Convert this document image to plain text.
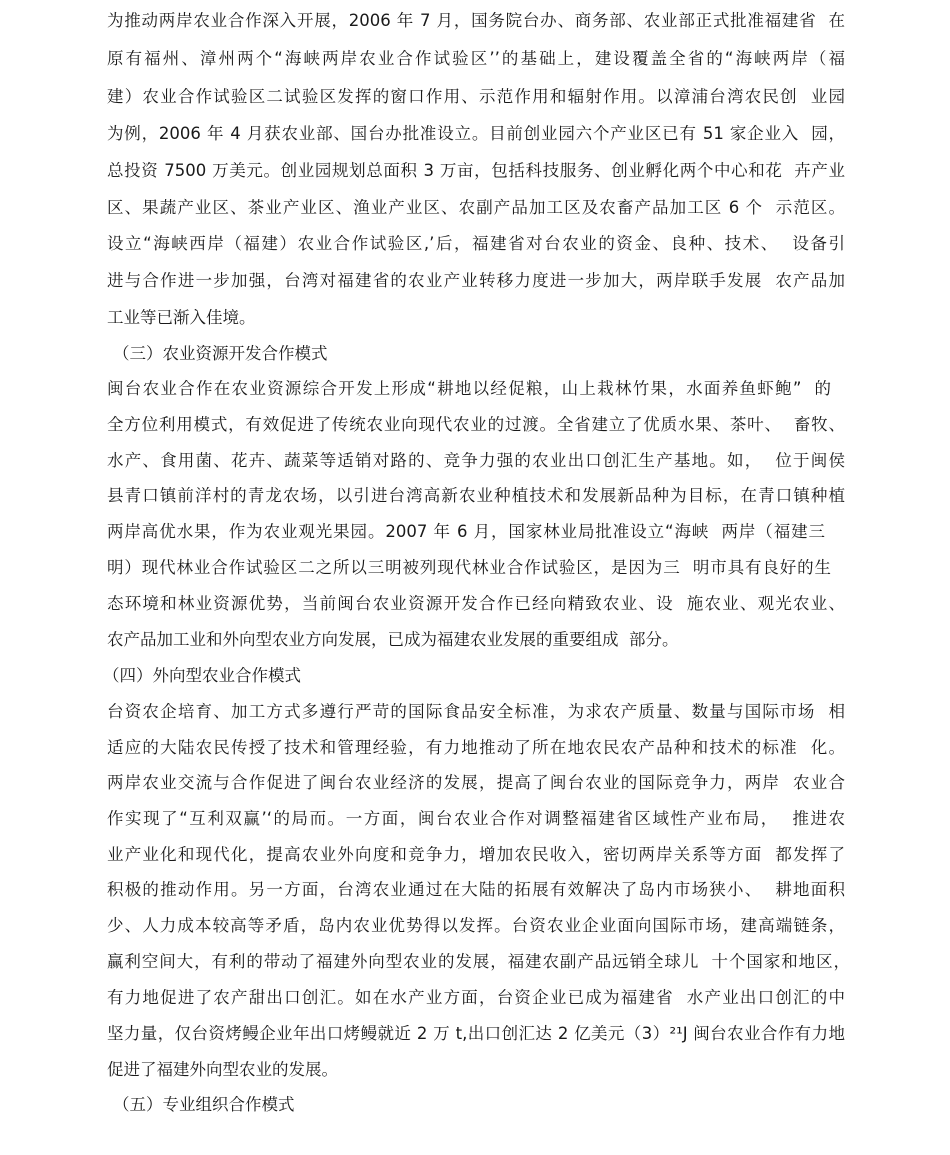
为推动两岸农业合作深入开展，2006 年 7 月，国务院台办、商务部、农业部正式批准福建省  在

原有福州、漳州两个“海峡两岸农业合作试验区’’的基础上，建设覆盖全省的“海峡两岸（福

建）农业合作试验区二试验区发挥的窗口作用、示范作用和辐射作用。以漳浦台湾农民创  业园

为例，2006 年 4 月获农业部、国台办批准设立。目前创业园六个产业区已有 51 家企业入  园，

总投资 7500 万美元。创业园规划总面积 3 万亩，包括科技服务、创业孵化两个中心和花  卉产业

区、果蔬产业区、茶业产业区、渔业产业区、农副产品加工区及农畜产品加工区 6 个  示范区。

设立“海峡西岸（福建）农业合作试验区,’后，福建省对台农业的资金、良种、技术、  设备引

进与合作进一步加强，台湾对福建省的农业产业转移力度进一步加大，两岸联手发展  农产品加

工业等已渐入佳境。

（三）农业资源开发合作模式

闽台农业合作在农业资源综合开发上形成“耕地以经促粮，山上栽林竹果，水面养鱼虾鲍”  的

全方位利用模式，有效促进了传统农业向现代农业的过渡。全省建立了优质水果、茶叶、  畜牧、

水产、食用菌、花卉、蔬菜等适销对路的、竞争力强的农业出口创汇生产基地。如，  位于闽侯

县青口镇前洋村的青龙农场，以引进台湾高新农业种植技术和发展新品种为目标，在青口镇种植

两岸高优水果，作为农业观光果园。2007 年 6 月，国家林业局批准设立“海峡  两岸（福建三

明）现代林业合作试验区二之所以三明被列现代林业合作试验区，是因为三  明市具有良好的生

态环境和林业资源优势，当前闽台农业资源开发合作已经向精致农业、设  施农业、观光农业、

农产品加工业和外向型农业方向发展，已成为福建农业发展的重要组成  部分。

（四）外向型农业合作模式

台资农企培育、加工方式多遵行严苛的国际食品安全标准，为求农产质量、数量与国际市场  相

适应的大陆农民传授了技术和管理经验，有力地推动了所在地农民农产品种和技术的标准  化。

两岸农业交流与合作促进了闽台农业经济的发展，提高了闽台农业的国际竞争力，两岸  农业合

作实现了“互利双赢’‘的局而。一方面，闽台农业合作对调整福建省区域性产业布局，  推进农

业产业化和现代化，提高农业外向度和竞争力，增加农民收入，密切两岸关系等方面  都发挥了

积极的推动作用。另一方面，台湾农业通过在大陆的拓展有效解决了岛内市场狭小、  耕地面积

少、人力成本较高等矛盾，岛内农业优势得以发挥。台资农业企业面向国际市场，建高端链条，

赢利空间大，有利的带动了福建外向型农业的发展，福建农副产品远销全球儿  十个国家和地区，

有力地促进了农产甜出口创汇。如在水产业方面，台资企业已成为福建省  水产业出口创汇的中

坚力量，仅台资烤鳗企业年出口烤鳗就近 2 万 t,出口创汇达 2 亿美元（3）²¹J 闽台农业合作有力地

促进了福建外向型农业的发展。

（五）专业组织合作模式
